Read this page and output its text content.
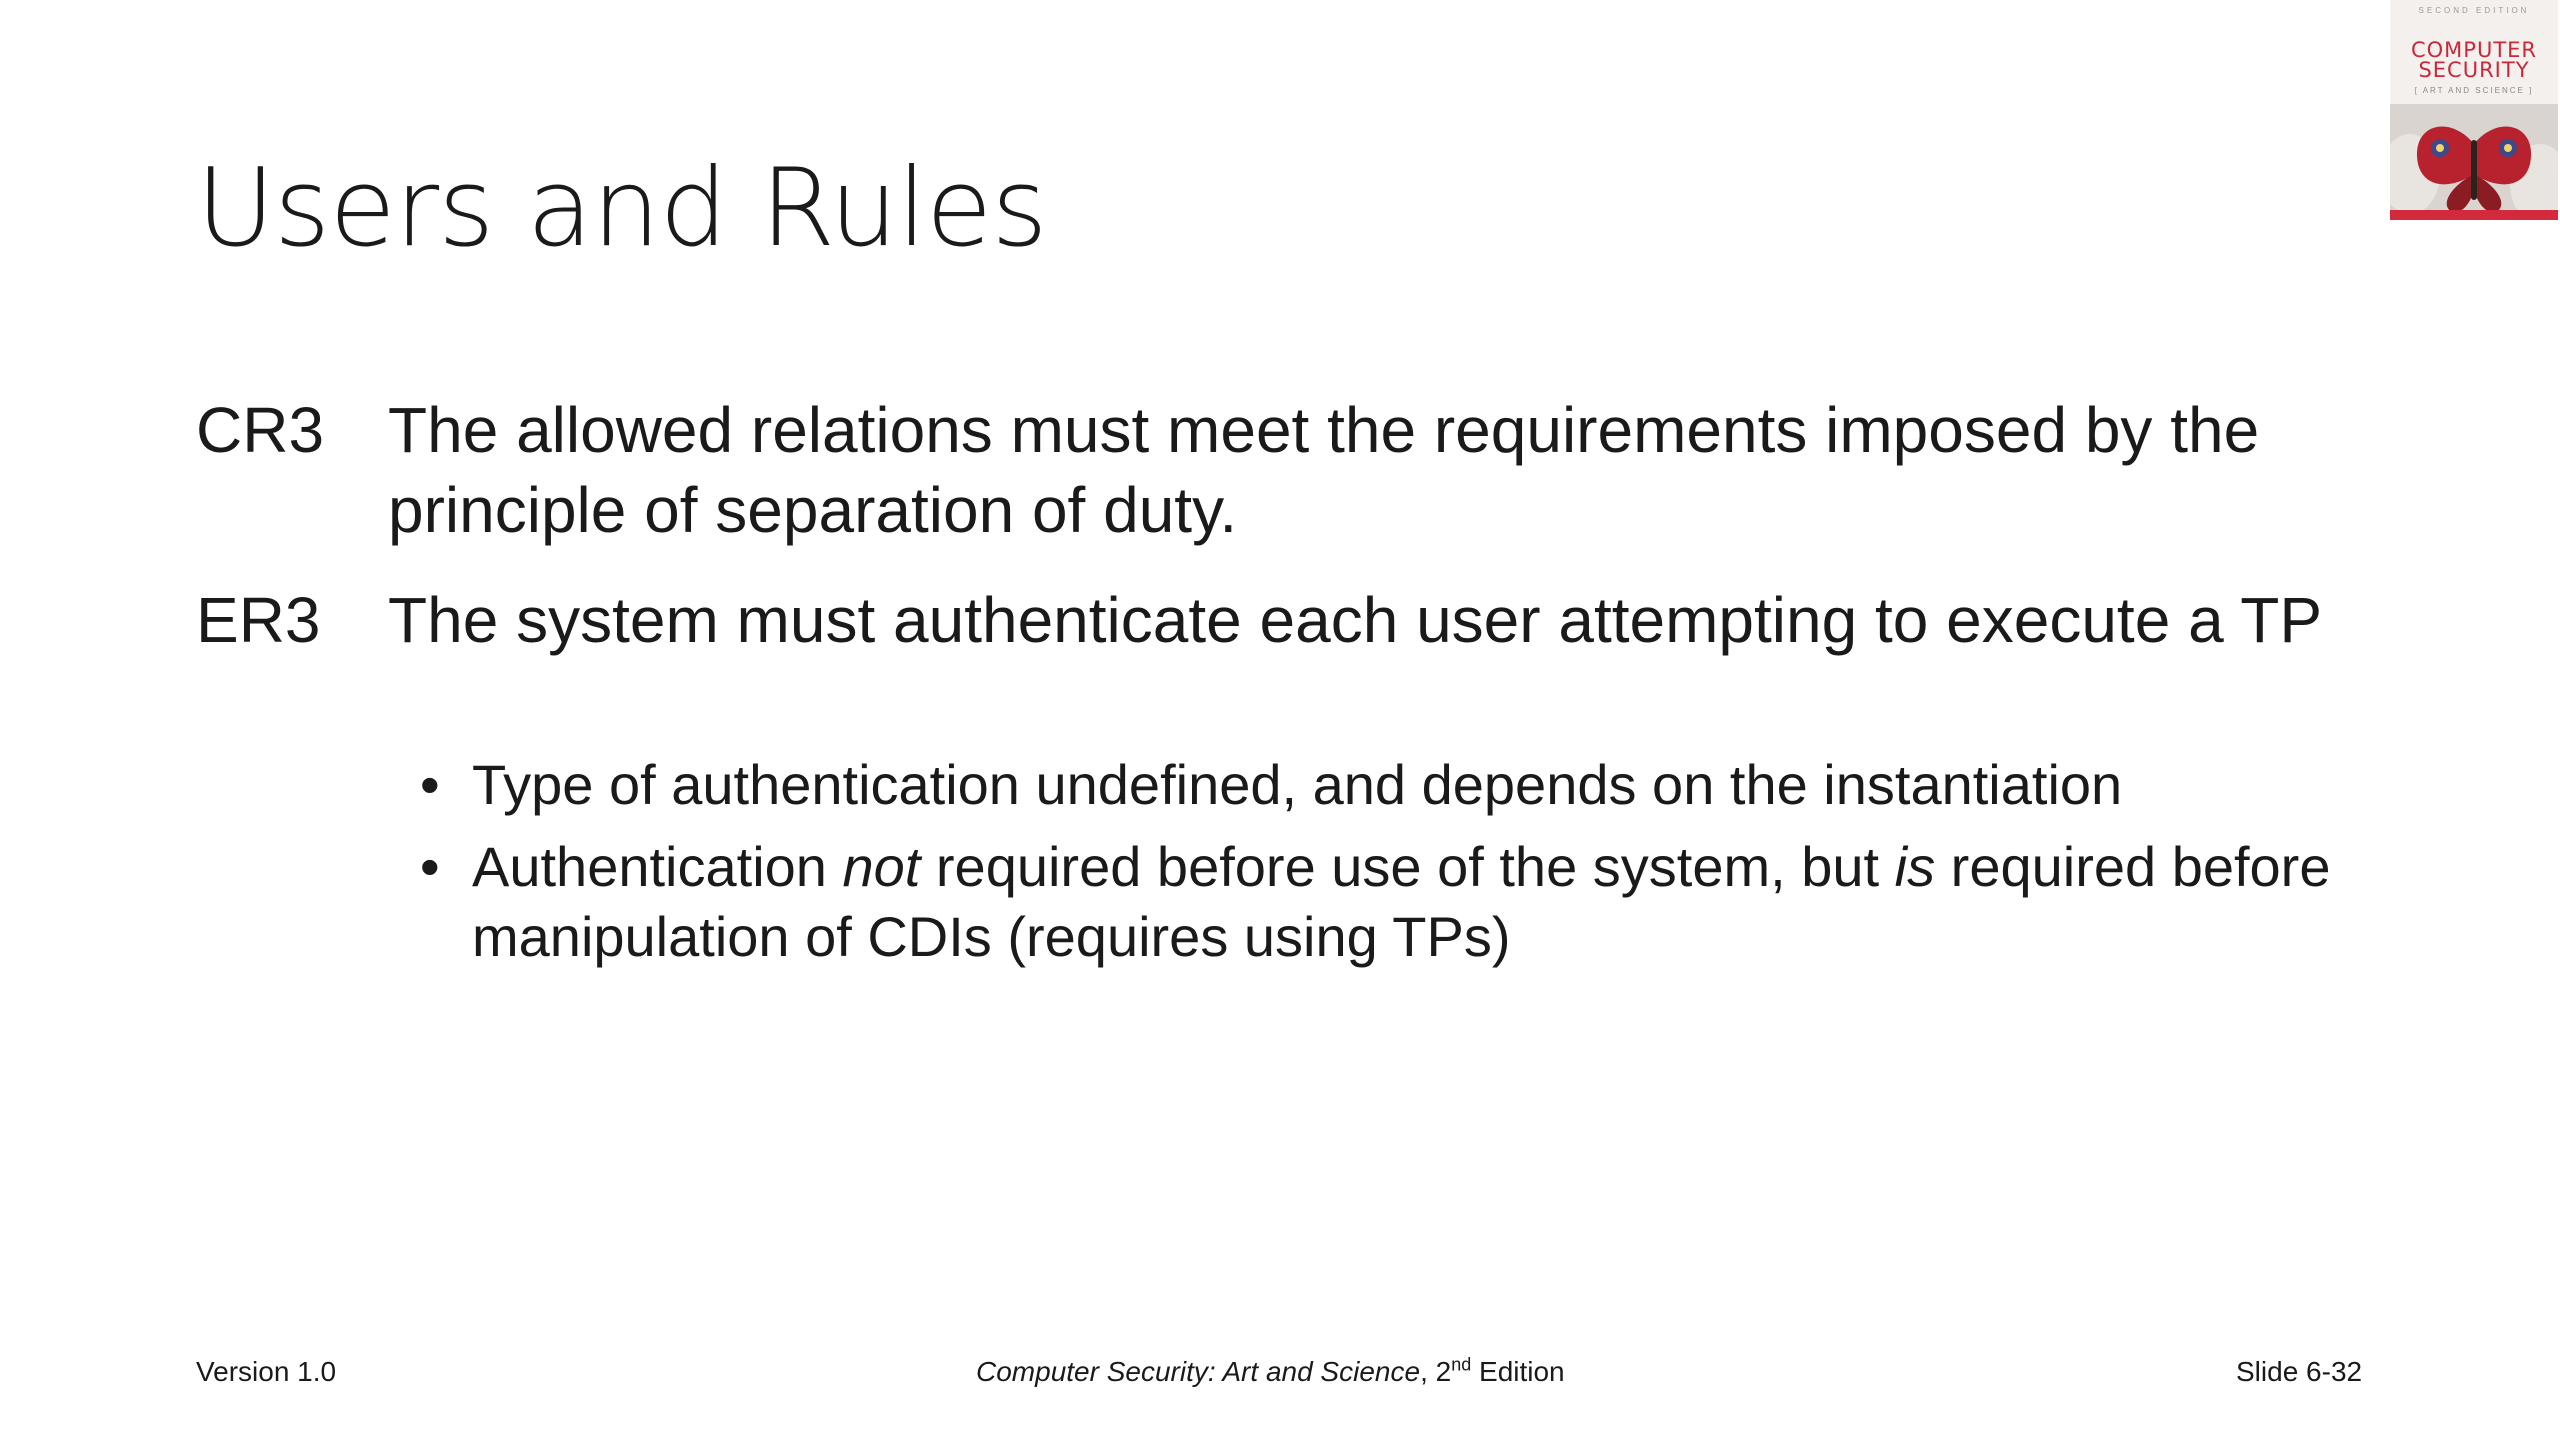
Users and Rules
CR3 The allowed relations must meet the requirements imposed by the principle of separation of duty.
ER3	The system must authenticate each user attempting to execute a TP
• Type of authentication undefined, and depends on the instantiation
• Authentication not required before use of the system, but is required before manipulation of CDIs (requires using TPs)
SECOND EDITION
COMPUTER
SECURITY
[ ART AND SCIENCE ]
Version 1.0	Computer Security: Art and Science, 2nd Edition	Slide 6-32
